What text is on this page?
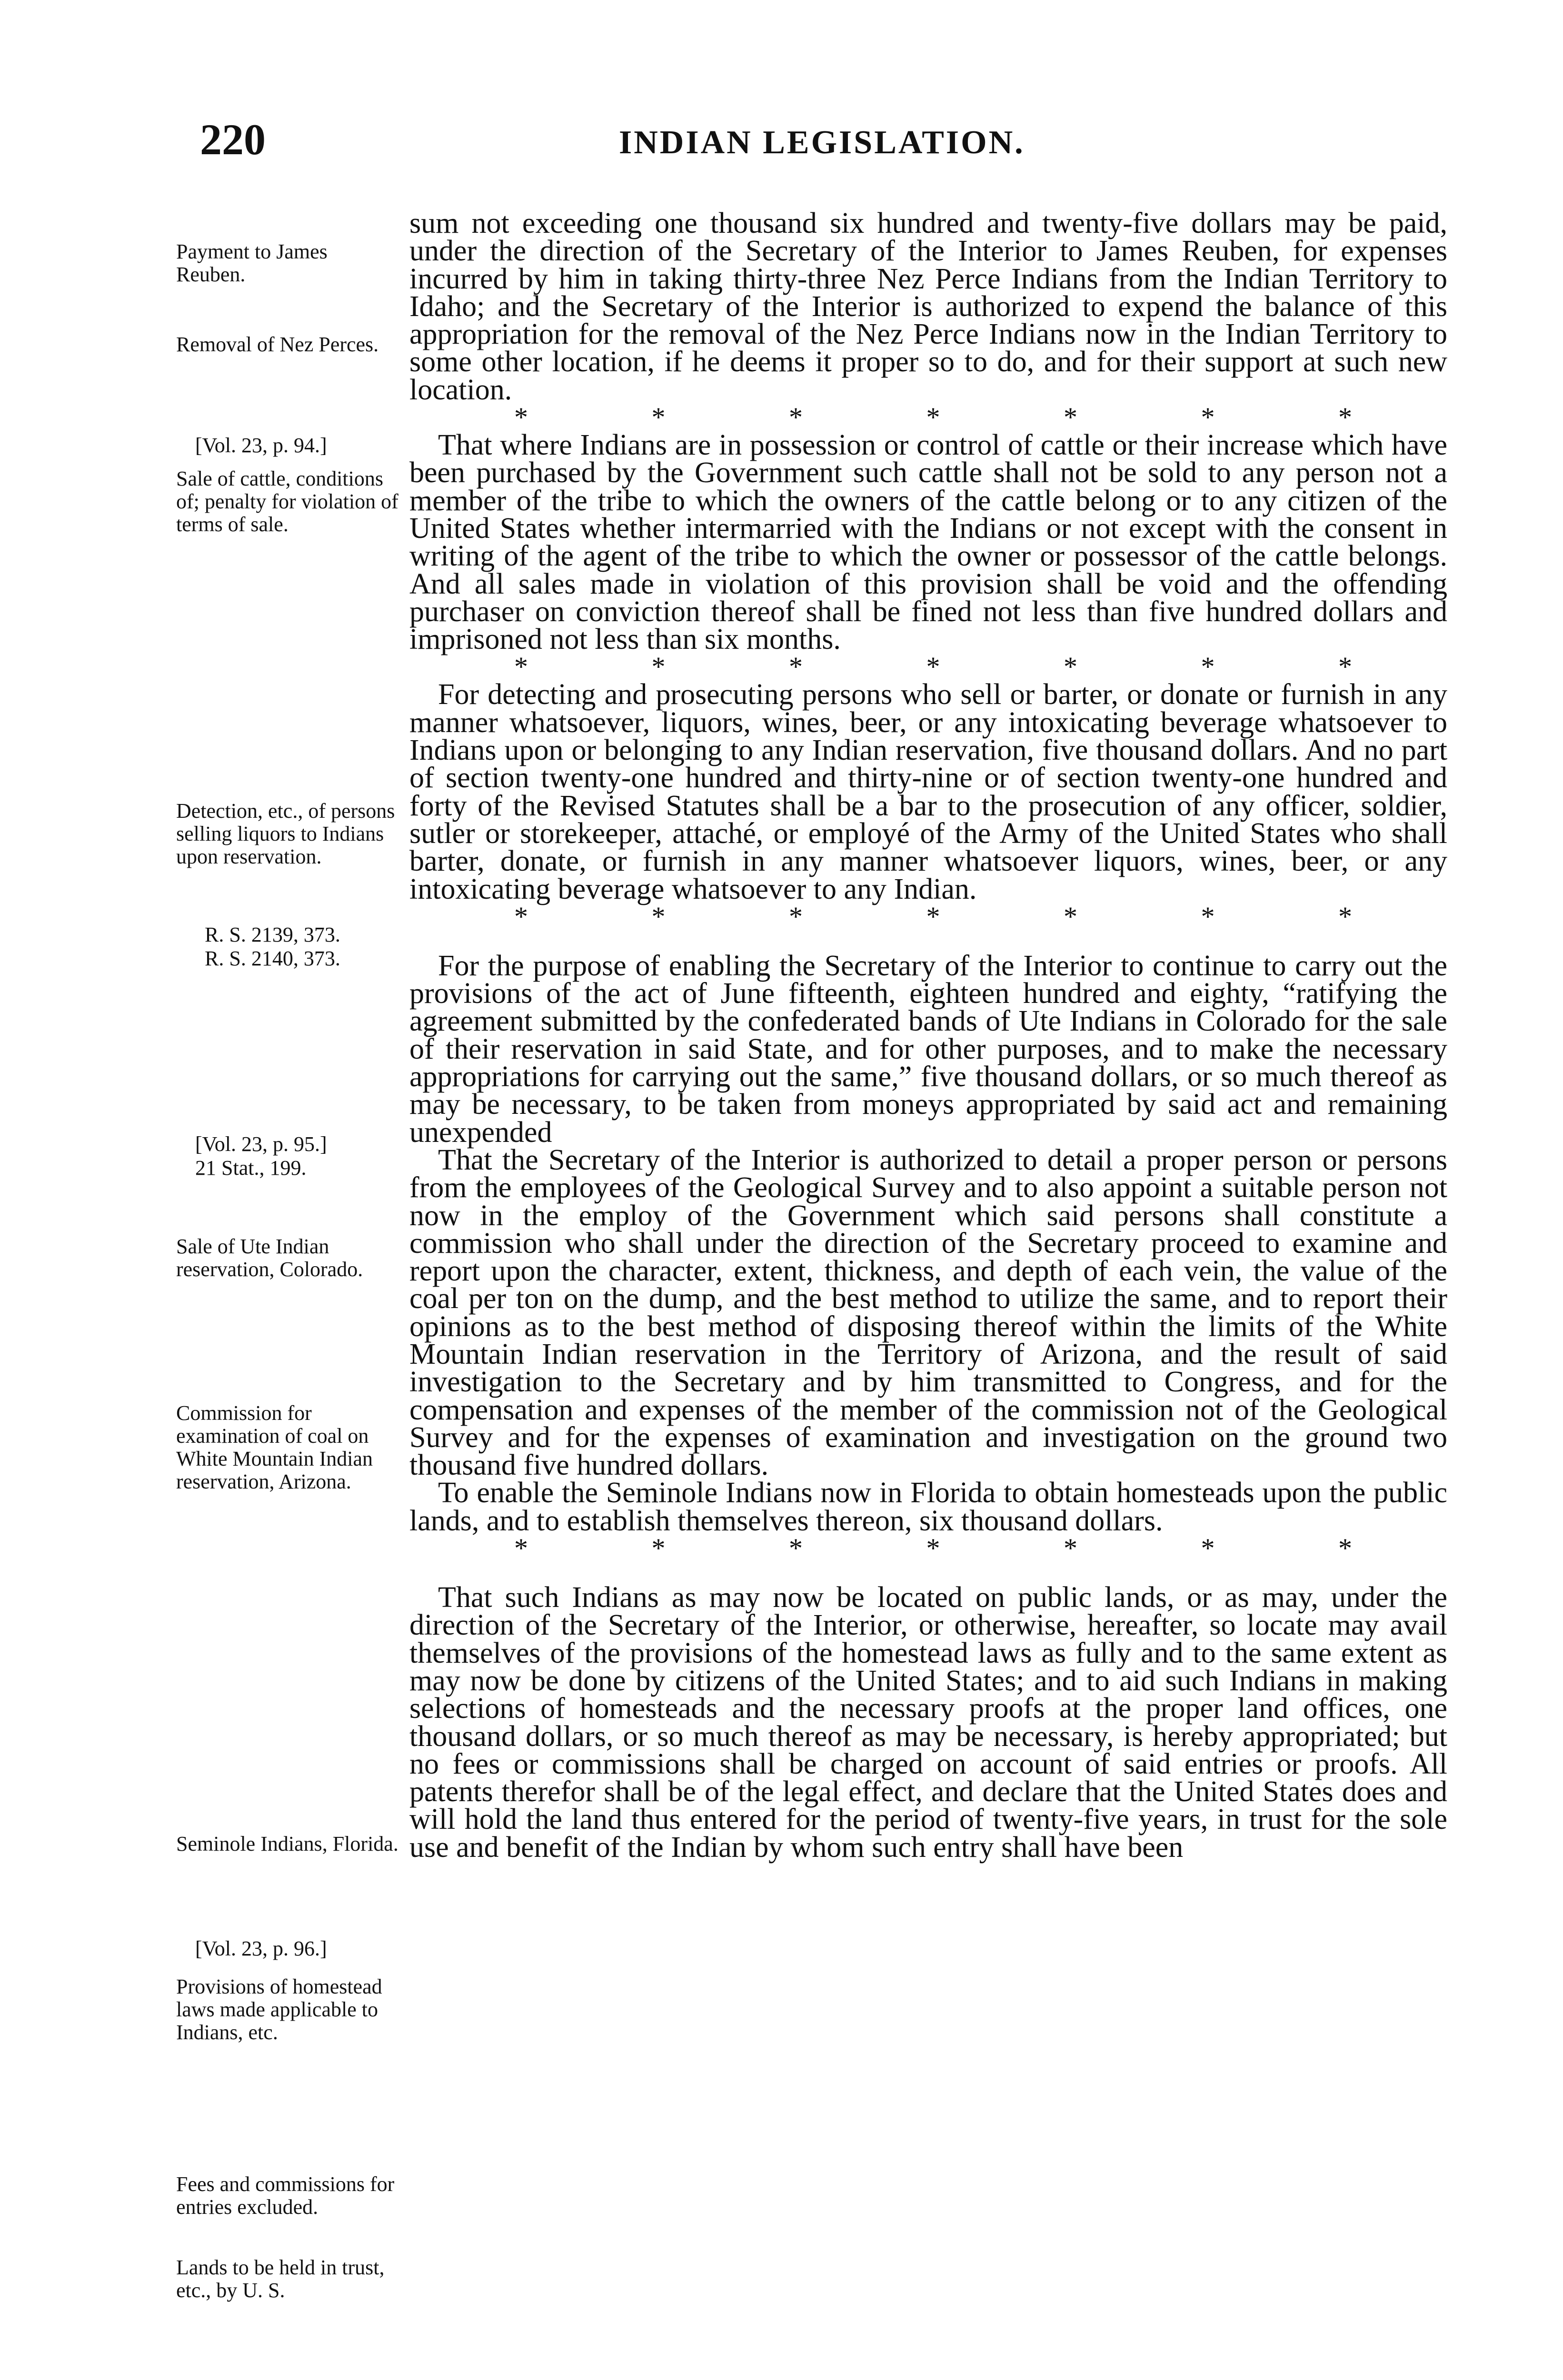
220	INDIAN LEGISLATION.
Payment to James Reuben.
Removal of Nez Perces.
[Vol. 23, p. 94.]
Sale of cattle, conditions of; penalty for violation of terms of sale.
Detection, etc., of persons selling liquors to Indians upon reservation.
R. S. 2139, 373.
R. S. 2140, 373.
[Vol. 23, p. 95.]
21 Stat., 199.
Sale of Ute Indian reservation, Colorado.
Commission for examination of coal on White Mountain Indian reservation, Arizona.
Seminole Indians, Florida.
[Vol. 23, p. 96.]
Provisions of homestead laws made applicable to Indians, etc.
Fees and commissions for entries excluded.
Lands to be held in trust, etc., by U. S.

sum not exceeding one thousand six hundred and twenty-five dollars may be paid, under the direction of the Secretary of the Interior to James Reuben, for expenses incurred by him in taking thirty-three Nez Perce Indians from the Indian Territory to Idaho; and the Secretary of the Interior is authorized to expend the balance of this appropriation for the removal of the Nez Perce Indians now in the Indian Territory to some other location, if he deems it proper so to do, and for their support at such new location.

*	*	*	*	*	*	*

That where Indians are in possession or control of cattle or their increase which have been purchased by the Government such cattle shall not be sold to any person not a member of the tribe to which the owners of the cattle belong or to any citizen of the United States whether intermarried with the Indians or not except with the consent in writing of the agent of the tribe to which the owner or possessor of the cattle belongs. And all sales made in violation of this provision shall be void and the offending purchaser on conviction thereof shall be fined not less than five hundred dollars and imprisoned not less than six months.

*	*	*	*	*	*	*

For detecting and prosecuting persons who sell or barter, or donate or furnish in any manner whatsoever, liquors, wines, beer, or any intoxicating beverage whatsoever to Indians upon or belonging to any Indian reservation, five thousand dollars. And no part of section twenty-one hundred and thirty-nine or of section twenty-one hundred and forty of the Revised Statutes shall be a bar to the prosecution of any officer, soldier, sutler or storekeeper, attaché, or employé of the Army of the United States who shall barter, donate, or furnish in any manner whatsoever liquors, wines, beer, or any intoxicating beverage whatsoever to any Indian.

*	*	*	*	*	*	*

For the purpose of enabling the Secretary of the Interior to continue to carry out the provisions of the act of June fifteenth, eighteen hundred and eighty, “ratifying the agreement submitted by the confederated bands of Ute Indians in Colorado for the sale of their reservation in said State, and for other purposes, and to make the necessary appropriations for carrying out the same,” five thousand dollars, or so much thereof as may be necessary, to be taken from moneys appropriated by said act and remaining unexpended

That the Secretary of the Interior is authorized to detail a proper person or persons from the employees of the Geological Survey and to also appoint a suitable person not now in the employ of the Government which said persons shall constitute a commission who shall under the direction of the Secretary proceed to examine and report upon the character, extent, thickness, and depth of each vein, the value of the coal per ton on the dump, and the best method to utilize the same, and to report their opinions as to the best method of disposing thereof within the limits of the White Mountain Indian reservation in the Territory of Arizona, and the result of said investigation to the Secretary and by him transmitted to Congress, and for the compensation and expenses of the member of the commission not of the Geological Survey and for the expenses of examination and investigation on the ground two thousand five hundred dollars.

To enable the Seminole Indians now in Florida to obtain homesteads upon the public lands, and to establish themselves thereon, six thousand dollars.

*	*	*	*	*	*	*

That such Indians as may now be located on public lands, or as may, under the direction of the Secretary of the Interior, or otherwise, hereafter, so locate may avail themselves of the provisions of the homestead laws as fully and to the same extent as may now be done by citizens of the United States; and to aid such Indians in making selections of homesteads and the necessary proofs at the proper land offices, one thousand dollars, or so much thereof as may be necessary, is hereby appropriated; but no fees or commissions shall be charged on account of said entries or proofs. All patents therefor shall be of the legal effect, and declare that the United States does and will hold the land thus entered for the period of twenty-five years, in trust for the sole use and benefit of the Indian by whom such entry shall have been
